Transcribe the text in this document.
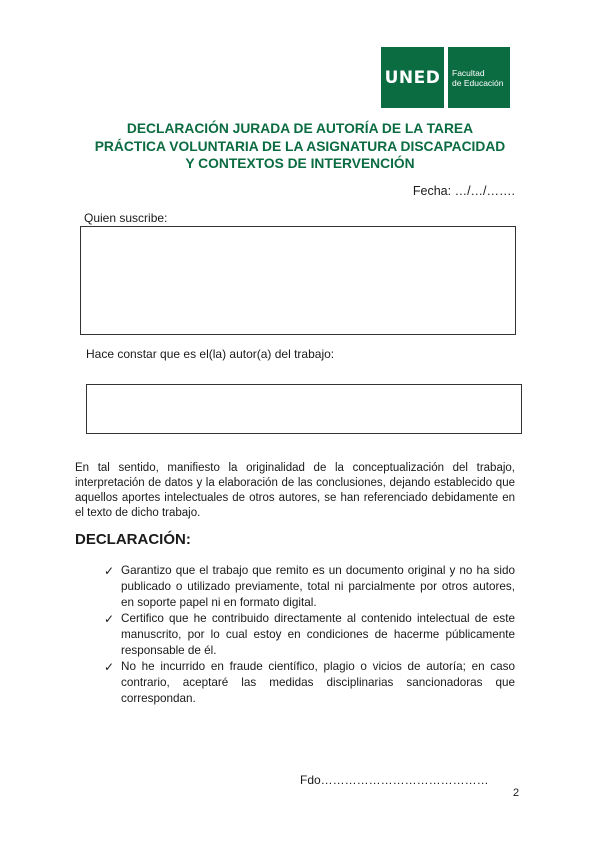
UNED Facultad
de Educación
DECLARACIÓN JURADA DE AUTORÍA DE LA TAREA
PRÁCTICA VOLUNTARIA DE LA ASIGNATURA DISCAPACIDAD
Y CONTEXTOS DE INTERVENCIÓN
Fecha: …/…/…….
Quien suscribe:
Hace constar que es el(la) autor(a) del trabajo:
En tal sentido, manifiesto la originalidad de la conceptualización del trabajo, interpretación de datos y la elaboración de las conclusiones, dejando establecido que aquellos aportes intelectuales de otros autores, se han referenciado debidamente en el texto de dicho trabajo.
DECLARACIÓN:
✓ Garantizo que el trabajo que remito es un documento original y no ha sido publicado o utilizado previamente, total ni parcialmente por otros autores, en soporte papel ni en formato digital.
✓ Certifico que he contribuido directamente al contenido intelectual de este manuscrito, por lo cual estoy en condiciones de hacerme públicamente responsable de él.
✓ No he incurrido en fraude científico, plagio o vicios de autoría; en caso contrario, aceptaré las medidas disciplinarias sancionadoras que correspondan.
Fdo……………………………………
2
